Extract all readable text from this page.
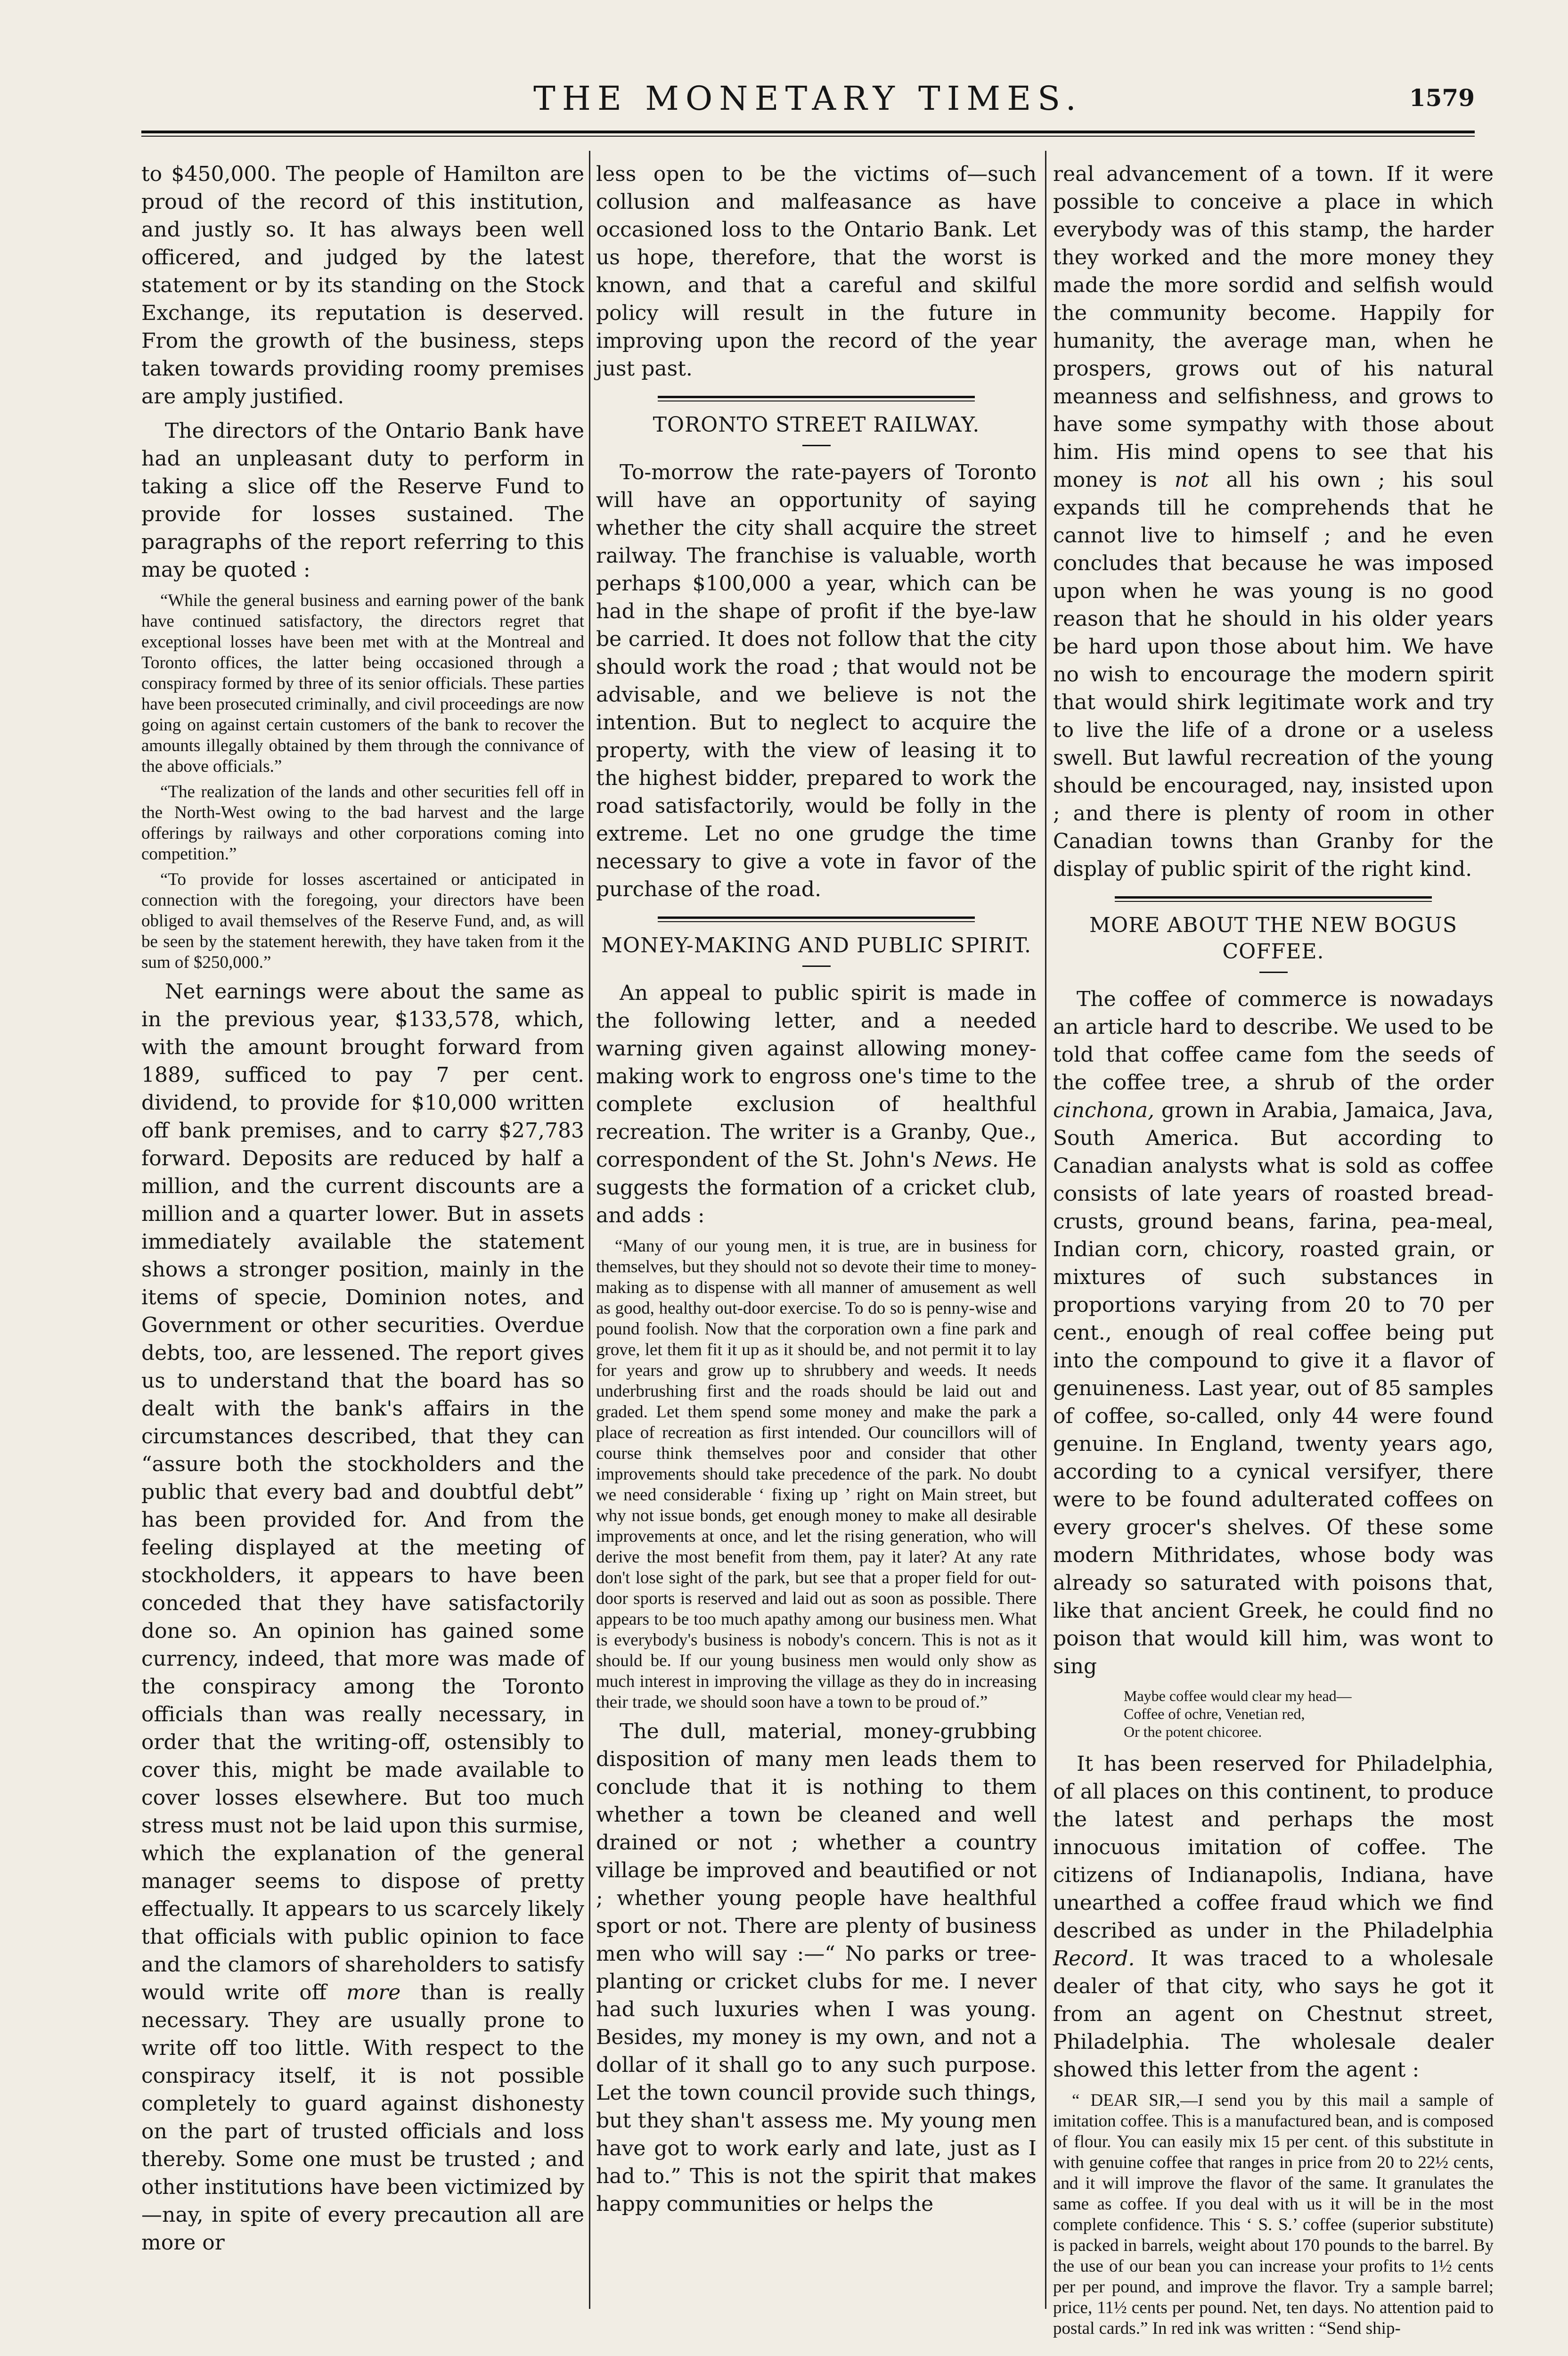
THE MONETARY TIMES.	1579

to $450,000. The people of Hamilton are proud of the record of this institution, and justly so. It has always been well officered, and judged by the latest statement or by its standing on the Stock Exchange, its reputation is deserved. From the growth of the business, steps taken towards providing roomy premises are amply justified.

The directors of the Ontario Bank have had an unpleasant duty to perform in taking a slice off the Reserve Fund to provide for losses sustained. The paragraphs of the report referring to this may be quoted :

“While the general business and earning power of the bank have continued satisfactory, the directors regret that exceptional losses have been met with at the Montreal and Toronto offices, the latter being occasioned through a conspiracy formed by three of its senior officials. These parties have been prosecuted criminally, and civil proceedings are now going on against certain customers of the bank to recover the amounts illegally obtained by them through the connivance of the above officials.”

“The realization of the lands and other securities fell off in the North-West owing to the bad harvest and the large offerings by railways and other corporations coming into competition.”

“To provide for losses ascertained or anticipated in connection with the foregoing, your directors have been obliged to avail themselves of the Reserve Fund, and, as will be seen by the statement herewith, they have taken from it the sum of $250,000.”

Net earnings were about the same as in the previous year, $133,578, which, with the amount brought forward from 1889, sufficed to pay 7 per cent. dividend, to provide for $10,000 written off bank premises, and to carry $27,783 forward. Deposits are reduced by half a million, and the current discounts are a million and a quarter lower. But in assets immediately available the statement shows a stronger position, mainly in the items of specie, Dominion notes, and Government or other securities. Overdue debts, too, are lessened. The report gives us to understand that the board has so dealt with the bank's affairs in the circumstances described, that they can “assure both the stockholders and the public that every bad and doubtful debt” has been provided for. And from the feeling displayed at the meeting of stockholders, it appears to have been conceded that they have satisfactorily done so. An opinion has gained some currency, indeed, that more was made of the conspiracy among the Toronto officials than was really necessary, in order that the writing-off, ostensibly to cover this, might be made available to cover losses elsewhere. But too much stress must not be laid upon this surmise, which the explanation of the general manager seems to dispose of pretty effectually. It appears to us scarcely likely that officials with public opinion to face and the clamors of shareholders to satisfy would write off more than is really necessary. They are usually prone to write off too little. With respect to the conspiracy itself, it is not possible completely to guard against dishonesty on the part of trusted officials and loss thereby. Some one must be trusted ; and other institutions have been victimized by—nay, in spite of every precaution all are more or

less open to be the victims of—such collusion and malfeasance as have occasioned loss to the Ontario Bank. Let us hope, therefore, that the worst is known, and that a careful and skilful policy will result in the future in improving upon the record of the year just past.

TORONTO STREET RAILWAY.

To-morrow the rate-payers of Toronto will have an opportunity of saying whether the city shall acquire the street railway. The franchise is valuable, worth perhaps $100,000 a year, which can be had in the shape of profit if the bye-law be carried. It does not follow that the city should work the road ; that would not be advisable, and we believe is not the intention. But to neglect to acquire the property, with the view of leasing it to the highest bidder, prepared to work the road satisfactorily, would be folly in the extreme. Let no one grudge the time necessary to give a vote in favor of the purchase of the road.

MONEY-MAKING AND PUBLIC SPIRIT.

An appeal to public spirit is made in the following letter, and a needed warning given against allowing money-making work to engross one's time to the complete exclusion of healthful recreation. The writer is a Granby, Que., correspondent of the St. John's News. He suggests the formation of a cricket club, and adds :

“Many of our young men, it is true, are in business for themselves, but they should not so devote their time to money-making as to dispense with all manner of amusement as well as good, healthy out-door exercise. To do so is penny-wise and pound foolish. Now that the corporation own a fine park and grove, let them fit it up as it should be, and not permit it to lay for years and grow up to shrubbery and weeds. It needs underbrushing first and the roads should be laid out and graded. Let them spend some money and make the park a place of recreation as first intended. Our councillors will of course think themselves poor and consider that other improvements should take precedence of the park. No doubt we need considerable ‘ fixing up ’ right on Main street, but why not issue bonds, get enough money to make all desirable improvements at once, and let the rising generation, who will derive the most benefit from them, pay it later? At any rate don't lose sight of the park, but see that a proper field for out-door sports is reserved and laid out as soon as possible. There appears to be too much apathy among our business men. What is everybody's business is nobody's concern. This is not as it should be. If our young business men would only show as much interest in improving the village as they do in increasing their trade, we should soon have a town to be proud of.”

The dull, material, money-grubbing disposition of many men leads them to conclude that it is nothing to them whether a town be cleaned and well drained or not ; whether a country village be improved and beautified or not ; whether young people have healthful sport or not. There are plenty of business men who will say :—“ No parks or tree-planting or cricket clubs for me. I never had such luxuries when I was young. Besides, my money is my own, and not a dollar of it shall go to any such purpose. Let the town council provide such things, but they shan't assess me. My young men have got to work early and late, just as I had to.” This is not the spirit that makes happy communities or helps the

real advancement of a town. If it were possible to conceive a place in which everybody was of this stamp, the harder they worked and the more money they made the more sordid and selfish would the community become. Happily for humanity, the average man, when he prospers, grows out of his natural meanness and selfishness, and grows to have some sympathy with those about him. His mind opens to see that his money is not all his own ; his soul expands till he comprehends that he cannot live to himself ; and he even concludes that because he was imposed upon when he was young is no good reason that he should in his older years be hard upon those about him. We have no wish to encourage the modern spirit that would shirk legitimate work and try to live the life of a drone or a useless swell. But lawful recreation of the young should be encouraged, nay, insisted upon ; and there is plenty of room in other Canadian towns than Granby for the display of public spirit of the right kind.

MORE ABOUT THE NEW BOGUS COFFEE.

The coffee of commerce is nowadays an article hard to describe. We used to be told that coffee came fom the seeds of the coffee tree, a shrub of the order cinchona, grown in Arabia, Jamaica, Java, South America. But according to Canadian analysts what is sold as coffee consists of late years of roasted bread-crusts, ground beans, farina, pea-meal, Indian corn, chicory, roasted grain, or mixtures of such substances in proportions varying from 20 to 70 per cent., enough of real coffee being put into the compound to give it a flavor of genuineness. Last year, out of 85 samples of coffee, so-called, only 44 were found genuine. In England, twenty years ago, according to a cynical versifyer, there were to be found adulterated coffees on every grocer's shelves. Of these some modern Mithridates, whose body was already so saturated with poisons that, like that ancient Greek, he could find no poison that would kill him, was wont to sing

Maybe coffee would clear my head—
Coffee of ochre, Venetian red,
Or the potent chicoree.

It has been reserved for Philadelphia, of all places on this continent, to produce the latest and perhaps the most innocuous imitation of coffee. The citizens of Indianapolis, Indiana, have unearthed a coffee fraud which we find described as under in the Philadelphia Record. It was traced to a wholesale dealer of that city, who says he got it from an agent on Chestnut street, Philadelphia. The wholesale dealer showed this letter from the agent :

“ DEAR SIR,—I send you by this mail a sample of imitation coffee. This is a manufactured bean, and is composed of flour. You can easily mix 15 per cent. of this substitute in with genuine coffee that ranges in price from 20 to 22½ cents, and it will improve the flavor of the same. It granulates the same as coffee. If you deal with us it will be in the most complete confidence. This ‘ S. S.’ coffee (superior substitute) is packed in barrels, weight about 170 pounds to the barrel. By the use of our bean you can increase your profits to 1½ cents per per pound, and improve the flavor. Try a sample barrel; price, 11½ cents per pound. Net, ten days. No attention paid to postal cards.” In red ink was written : “Send ship-
